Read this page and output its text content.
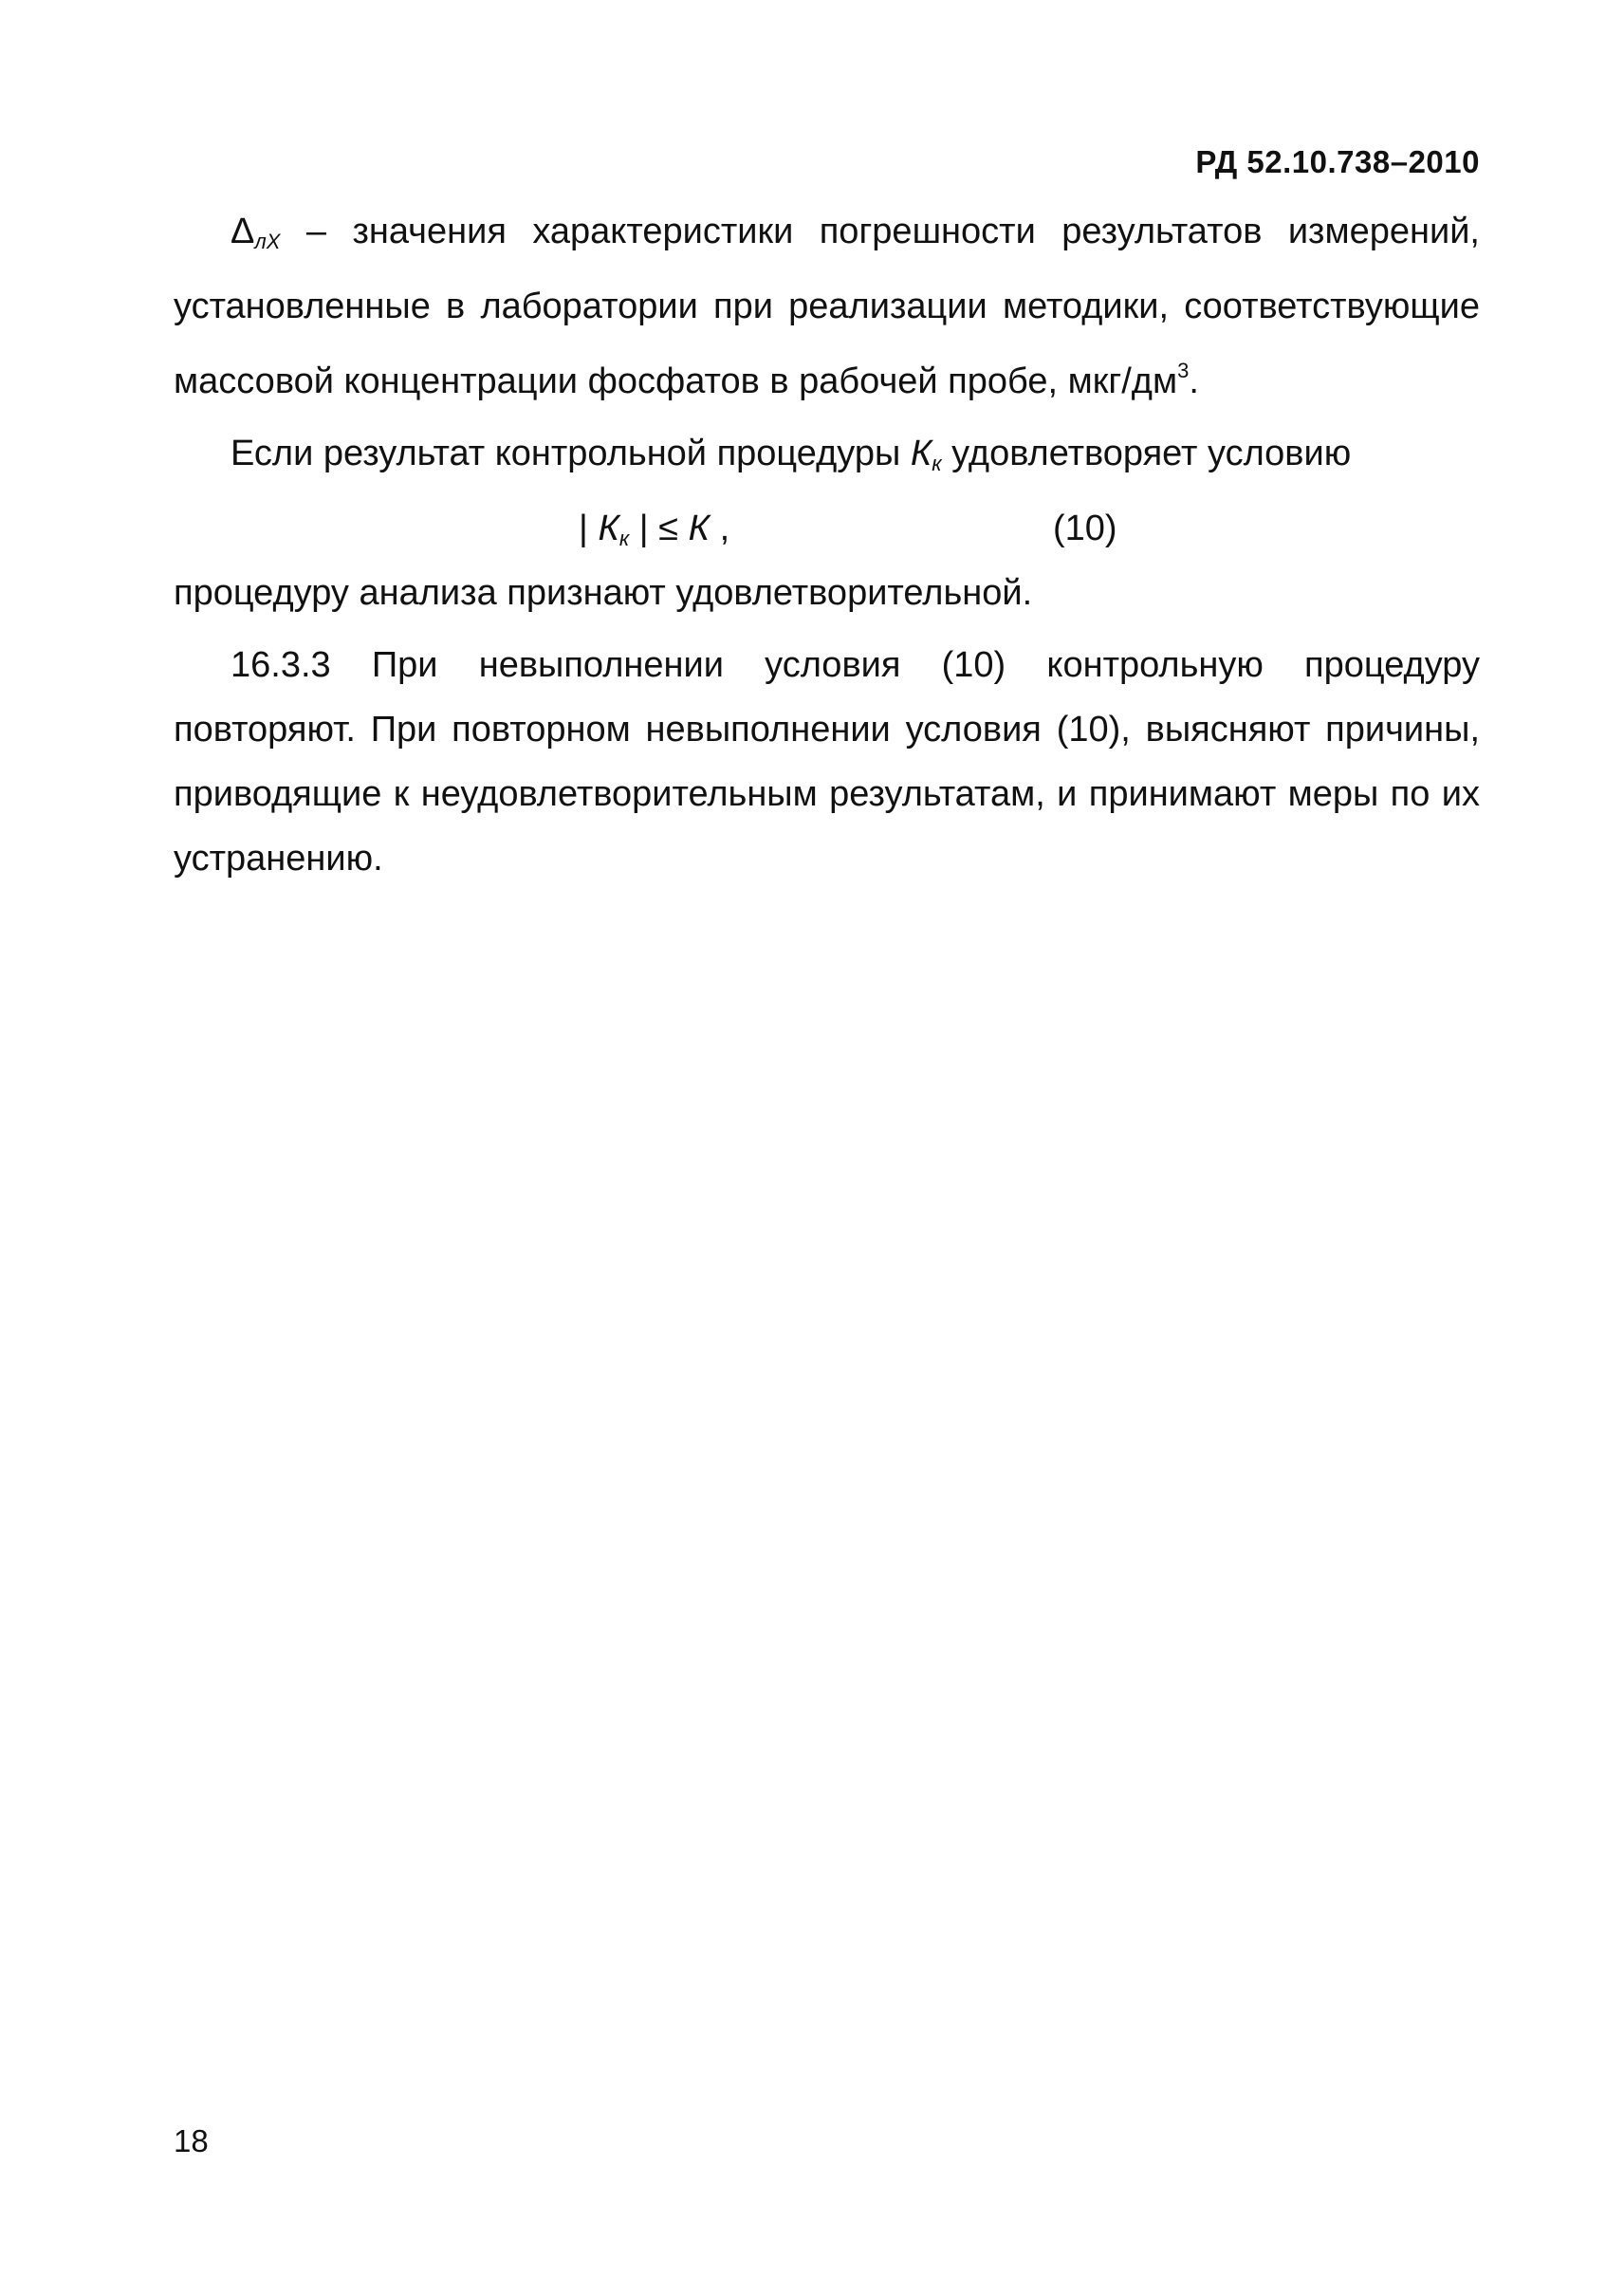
РД 52.10.738–2010

$\Delta_{лХ}$ – значения характеристики погрешности результатов измерений, установленные в лаборатории при реализации методики, соответствующие массовой концентрации фосфатов в рабочей пробе, мкг/$дм^3$.

Если результат контрольной процедуры $К_к$ удовлетворяет условию

| $К_к$ | ≤ К ,	(10)

процедуру анализа признают удовлетворительной.

16.3.3 При невыполнении условия (10) контрольную процедуру повторяют. При повторном невыполнении условия (10), выясняют причины, приводящие к неудовлетворительным результатам, и принимают меры по их устранению.

18
